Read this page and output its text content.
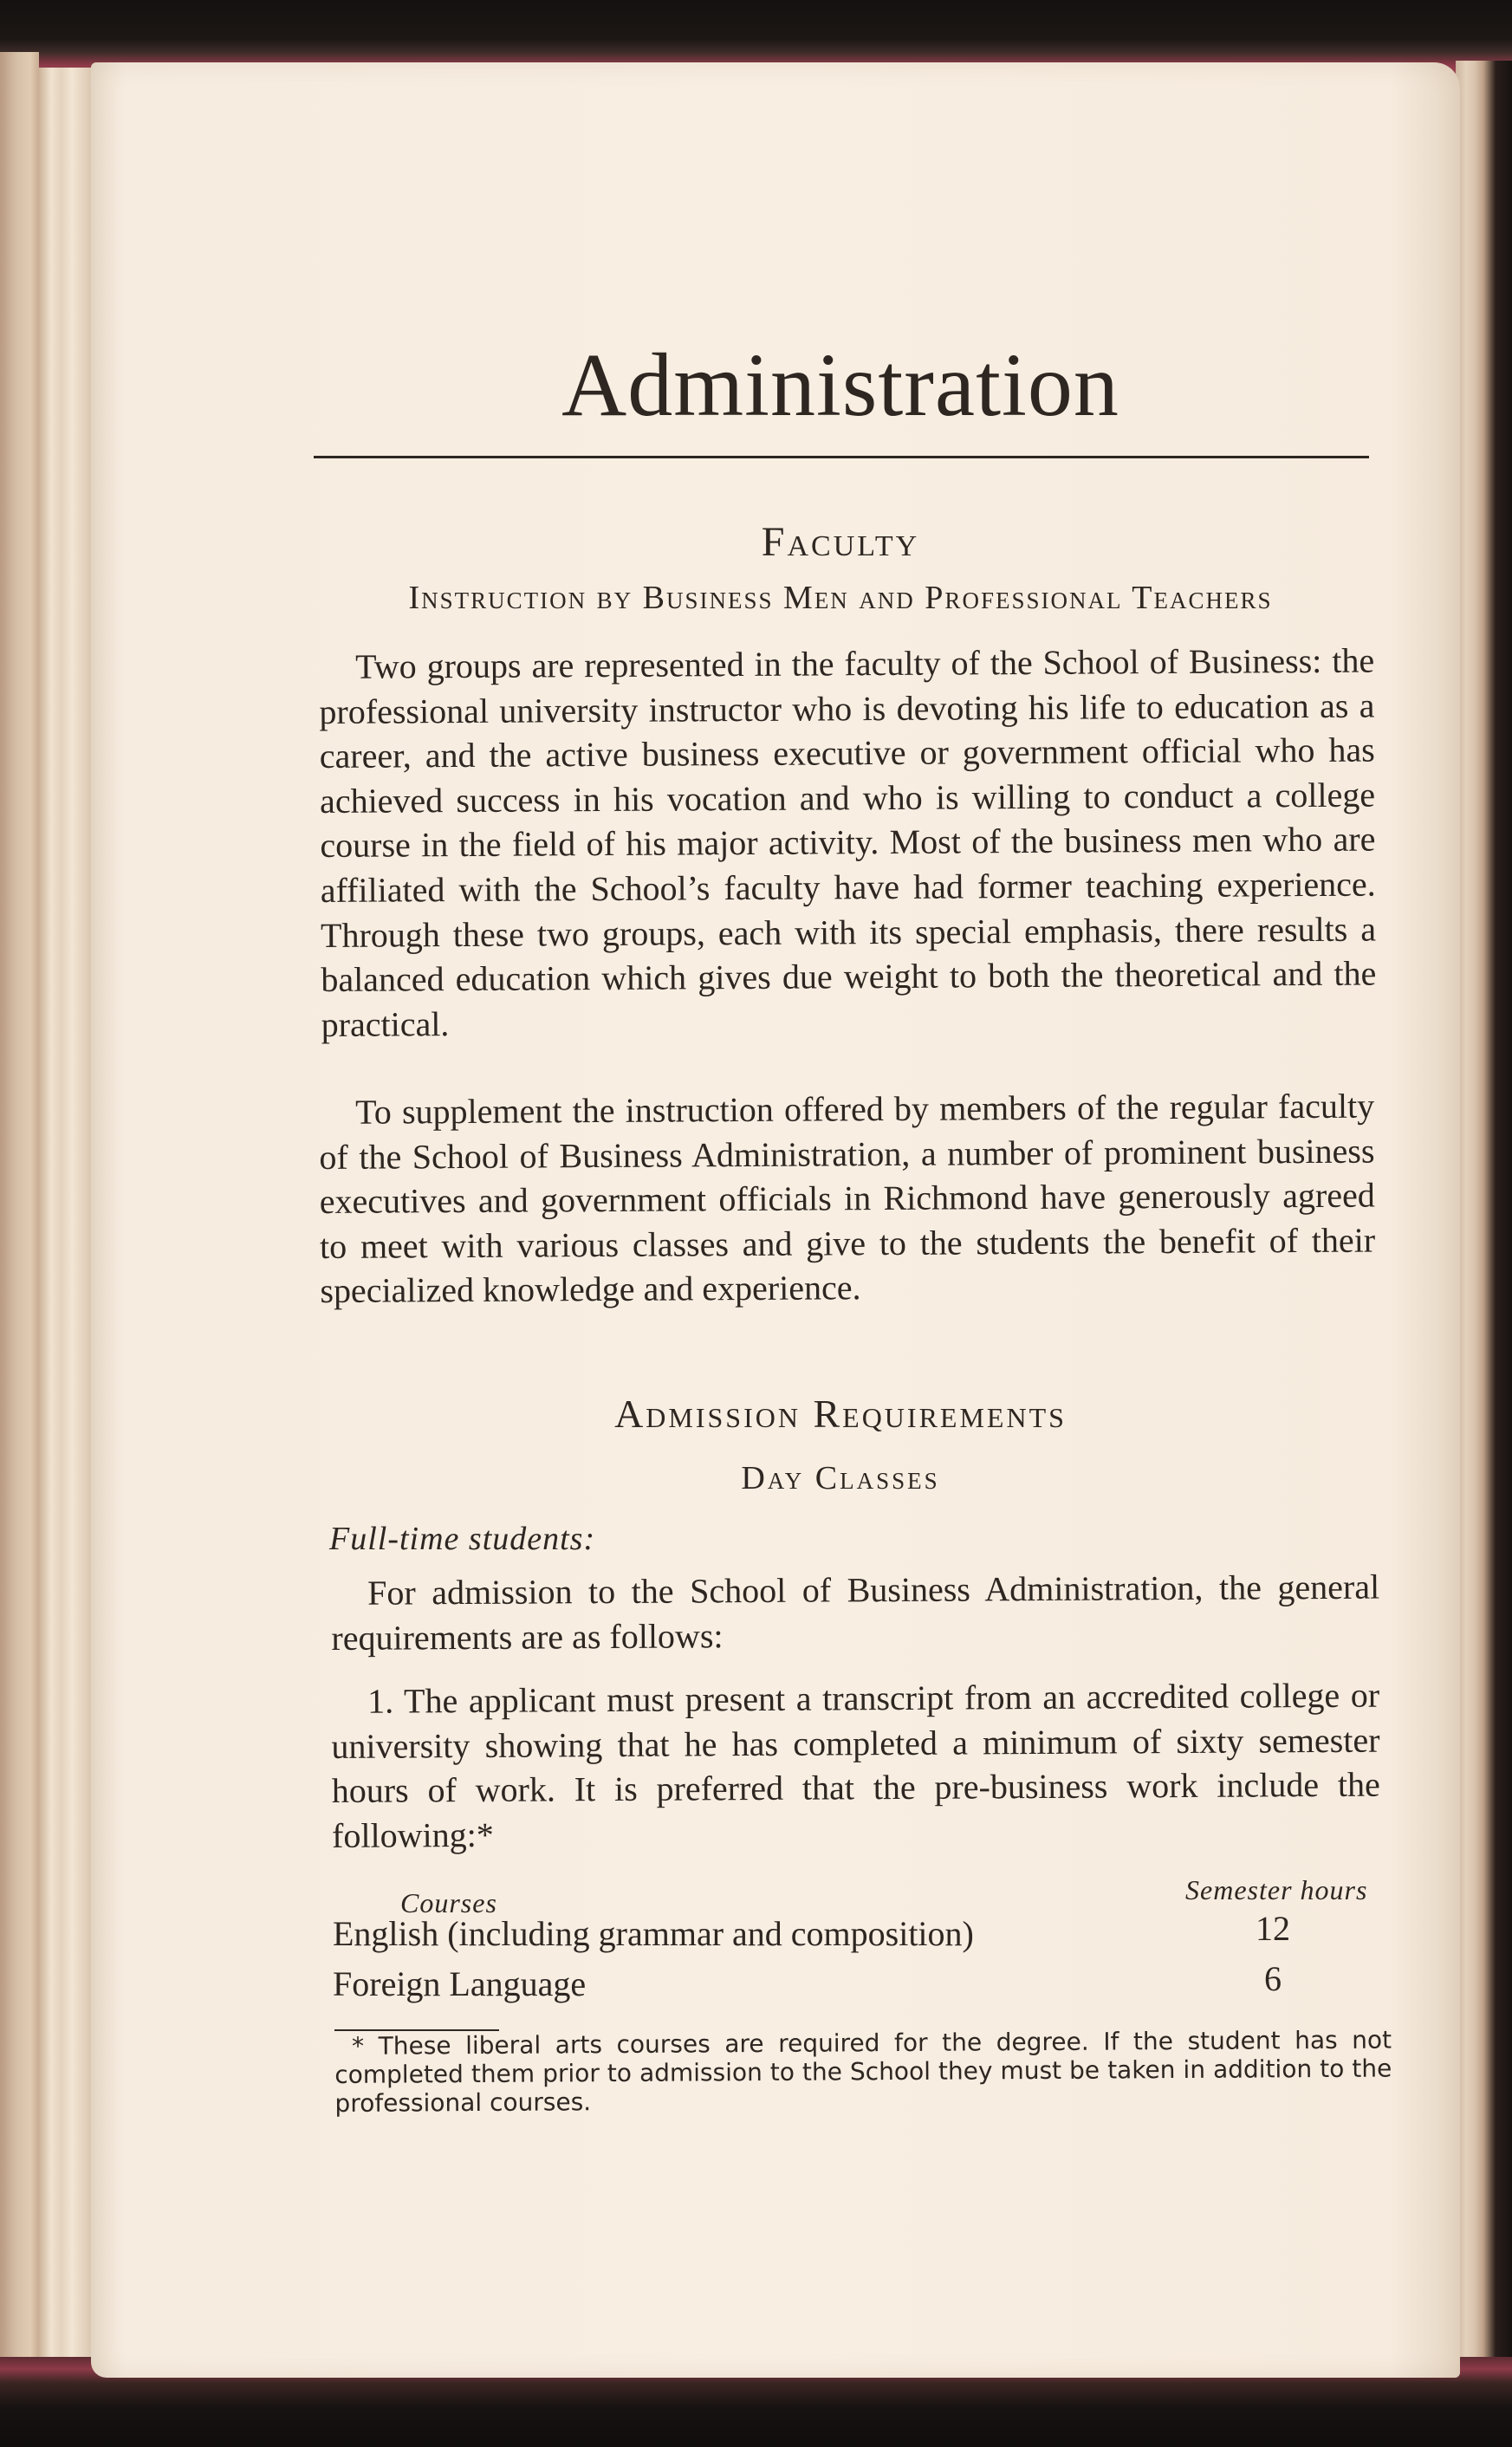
Administration
Faculty
Instruction by Business Men and Professional Teachers

Two groups are represented in the faculty of the School of Business: the professional university instructor who is devoting his life to education as a career, and the active business executive or government official who has achieved success in his vocation and who is willing to conduct a college course in the field of his major activity. Most of the business men who are affiliated with the School’s faculty have had former teaching experience. Through these two groups, each with its special emphasis, there results a balanced education which gives due weight to both the theoretical and the practical.

To supplement the instruction offered by members of the regular faculty of the School of Business Administration, a number of prominent business executives and government officials in Richmond have generously agreed to meet with various classes and give to the students the benefit of their specialized knowledge and experience.

Admission Requirements
Day Classes
Full-time students:

For admission to the School of Business Administration, the general requirements are as follows:

1. The applicant must present a transcript from an accredited college or university showing that he has completed a minimum of sixty semester hours of work. It is preferred that the pre-business work include the following:*

Courses	Semester hours
English (including grammar and composition)	12
Foreign Language	6

* These liberal arts courses are required for the degree. If the student has not completed them prior to admission to the School they must be taken in addition to the professional courses.
